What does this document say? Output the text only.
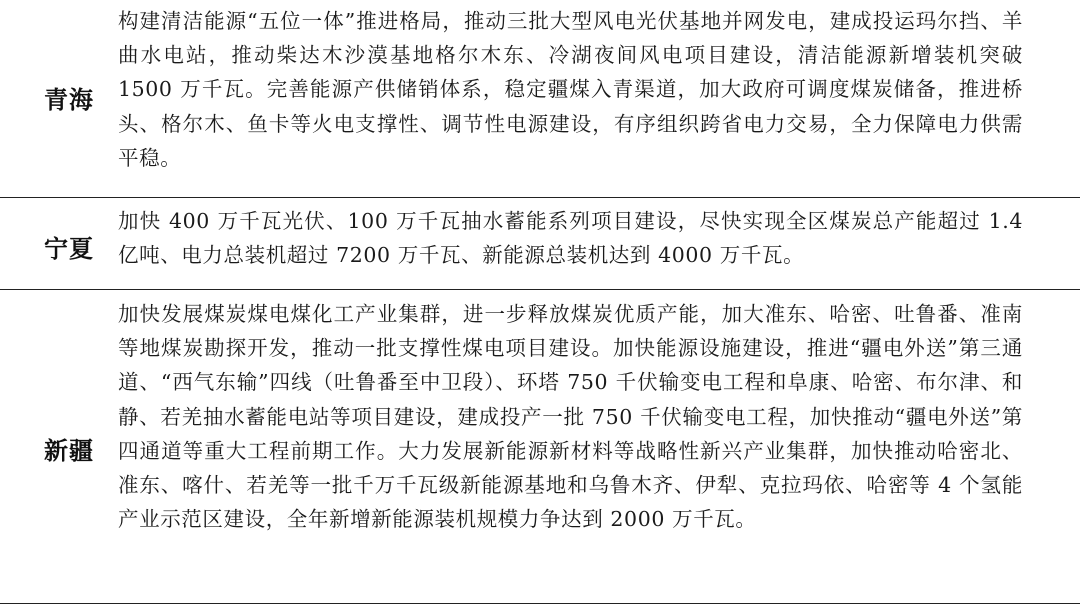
青海
构建清洁能源“五位一体”推进格局，推动三批大型风电光伏基地并网发电，建成投运玛尔挡、羊曲水电站，推动柴达木沙漠基地格尔木东、冷湖夜间风电项目建设，清洁能源新增装机突破 1500 万千瓦。完善能源产供储销体系，稳定疆煤入青渠道，加大政府可调度煤炭储备，推进桥头、格尔木、鱼卡等火电支撑性、调节性电源建设，有序组织跨省电力交易，全力保障电力供需平稳。
宁夏
加快 400 万千瓦光伏、100 万千瓦抽水蓄能系列项目建设，尽快实现全区煤炭总产能超过 1.4 亿吨、电力总装机超过 7200 万千瓦、新能源总装机达到 4000 万千瓦。
新疆
加快发展煤炭煤电煤化工产业集群，进一步释放煤炭优质产能，加大准东、哈密、吐鲁番、准南等地煤炭勘探开发，推动一批支撑性煤电项目建设。加快能源设施建设，推进“疆电外送”第三通道、“西气东输”四线（吐鲁番至中卫段）、环塔 750 千伏输变电工程和阜康、哈密、布尔津、和静、若羌抽水蓄能电站等项目建设，建成投产一批 750 千伏输变电工程，加快推动“疆电外送”第四通道等重大工程前期工作。大力发展新能源新材料等战略性新兴产业集群，加快推动哈密北、准东、喀什、若羌等一批千万千瓦级新能源基地和乌鲁木齐、伊犁、克拉玛依、哈密等 4 个氢能产业示范区建设，全年新增新能源装机规模力争达到 2000 万千瓦。
